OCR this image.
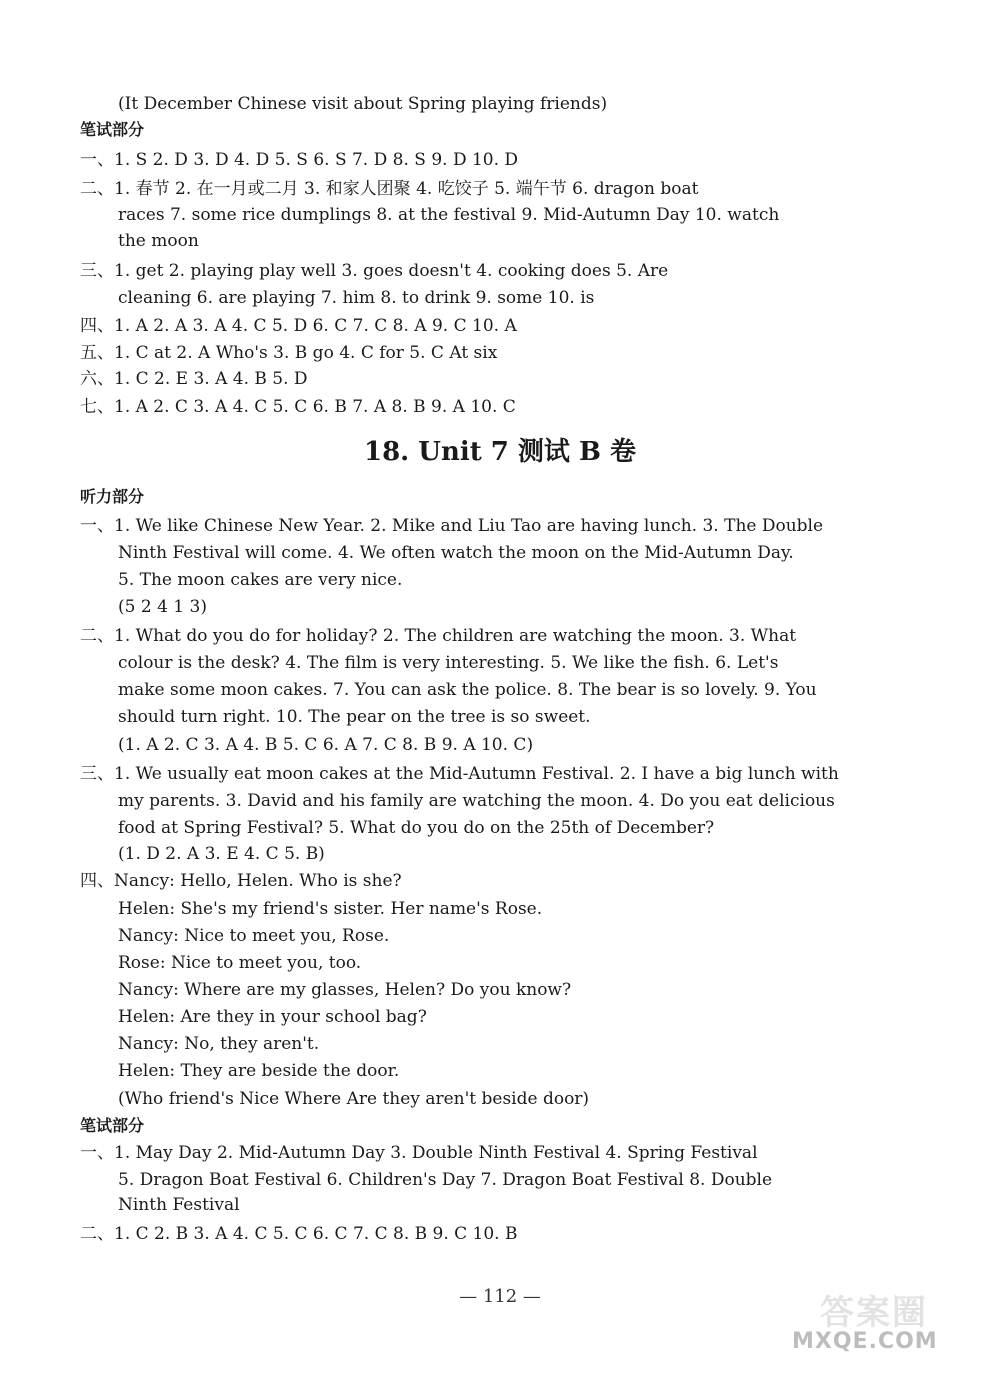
(It December Chinese visit about Spring playing friends)
笔试部分
一、1. S 2. D 3. D 4. D 5. S 6. S 7. D 8. S 9. D 10. D
二、1. 春节 2. 在一月或二月 3. 和家人团聚 4. 吃饺子 5. 端午节 6. dragon boat
races 7. some rice dumplings 8. at the festival 9. Mid-Autumn Day 10. watch
the moon
三、1. get 2. playing play well 3. goes doesn't 4. cooking does 5. Are
cleaning 6. are playing 7. him 8. to drink 9. some 10. is
四、1. A 2. A 3. A 4. C 5. D 6. C 7. C 8. A 9. C 10. A
五、1. C at 2. A Who's 3. B go 4. C for 5. C At six
六、1. C 2. E 3. A 4. B 5. D
七、1. A 2. C 3. A 4. C 5. C 6. B 7. A 8. B 9. A 10. C
18. Unit 7 测试 B 卷
听力部分
一、1. We like Chinese New Year. 2. Mike and Liu Tao are having lunch. 3. The Double
Ninth Festival will come. 4. We often watch the moon on the Mid-Autumn Day.
5. The moon cakes are very nice.
(5 2 4 1 3)
二、1. What do you do for holiday? 2. The children are watching the moon. 3. What
colour is the desk? 4. The film is very interesting. 5. We like the fish. 6. Let's
make some moon cakes. 7. You can ask the police. 8. The bear is so lovely. 9. You
should turn right. 10. The pear on the tree is so sweet.
(1. A 2. C 3. A 4. B 5. C 6. A 7. C 8. B 9. A 10. C)
三、1. We usually eat moon cakes at the Mid-Autumn Festival. 2. I have a big lunch with
my parents. 3. David and his family are watching the moon. 4. Do you eat delicious
food at Spring Festival? 5. What do you do on the 25th of December?
(1. D 2. A 3. E 4. C 5. B)
四、Nancy: Hello, Helen. Who is she?
Helen: She's my friend's sister. Her name's Rose.
Nancy: Nice to meet you, Rose.
Rose: Nice to meet you, too.
Nancy: Where are my glasses, Helen? Do you know?
Helen: Are they in your school bag?
Nancy: No, they aren't.
Helen: They are beside the door.
(Who friend's Nice Where Are they aren't beside door)
笔试部分
一、1. May Day 2. Mid-Autumn Day 3. Double Ninth Festival 4. Spring Festival
5. Dragon Boat Festival 6. Children's Day 7. Dragon Boat Festival 8. Double
Ninth Festival
二、1. C 2. B 3. A 4. C 5. C 6. C 7. C 8. B 9. C 10. B
— 112 —	答案圈
MXQE.COM
